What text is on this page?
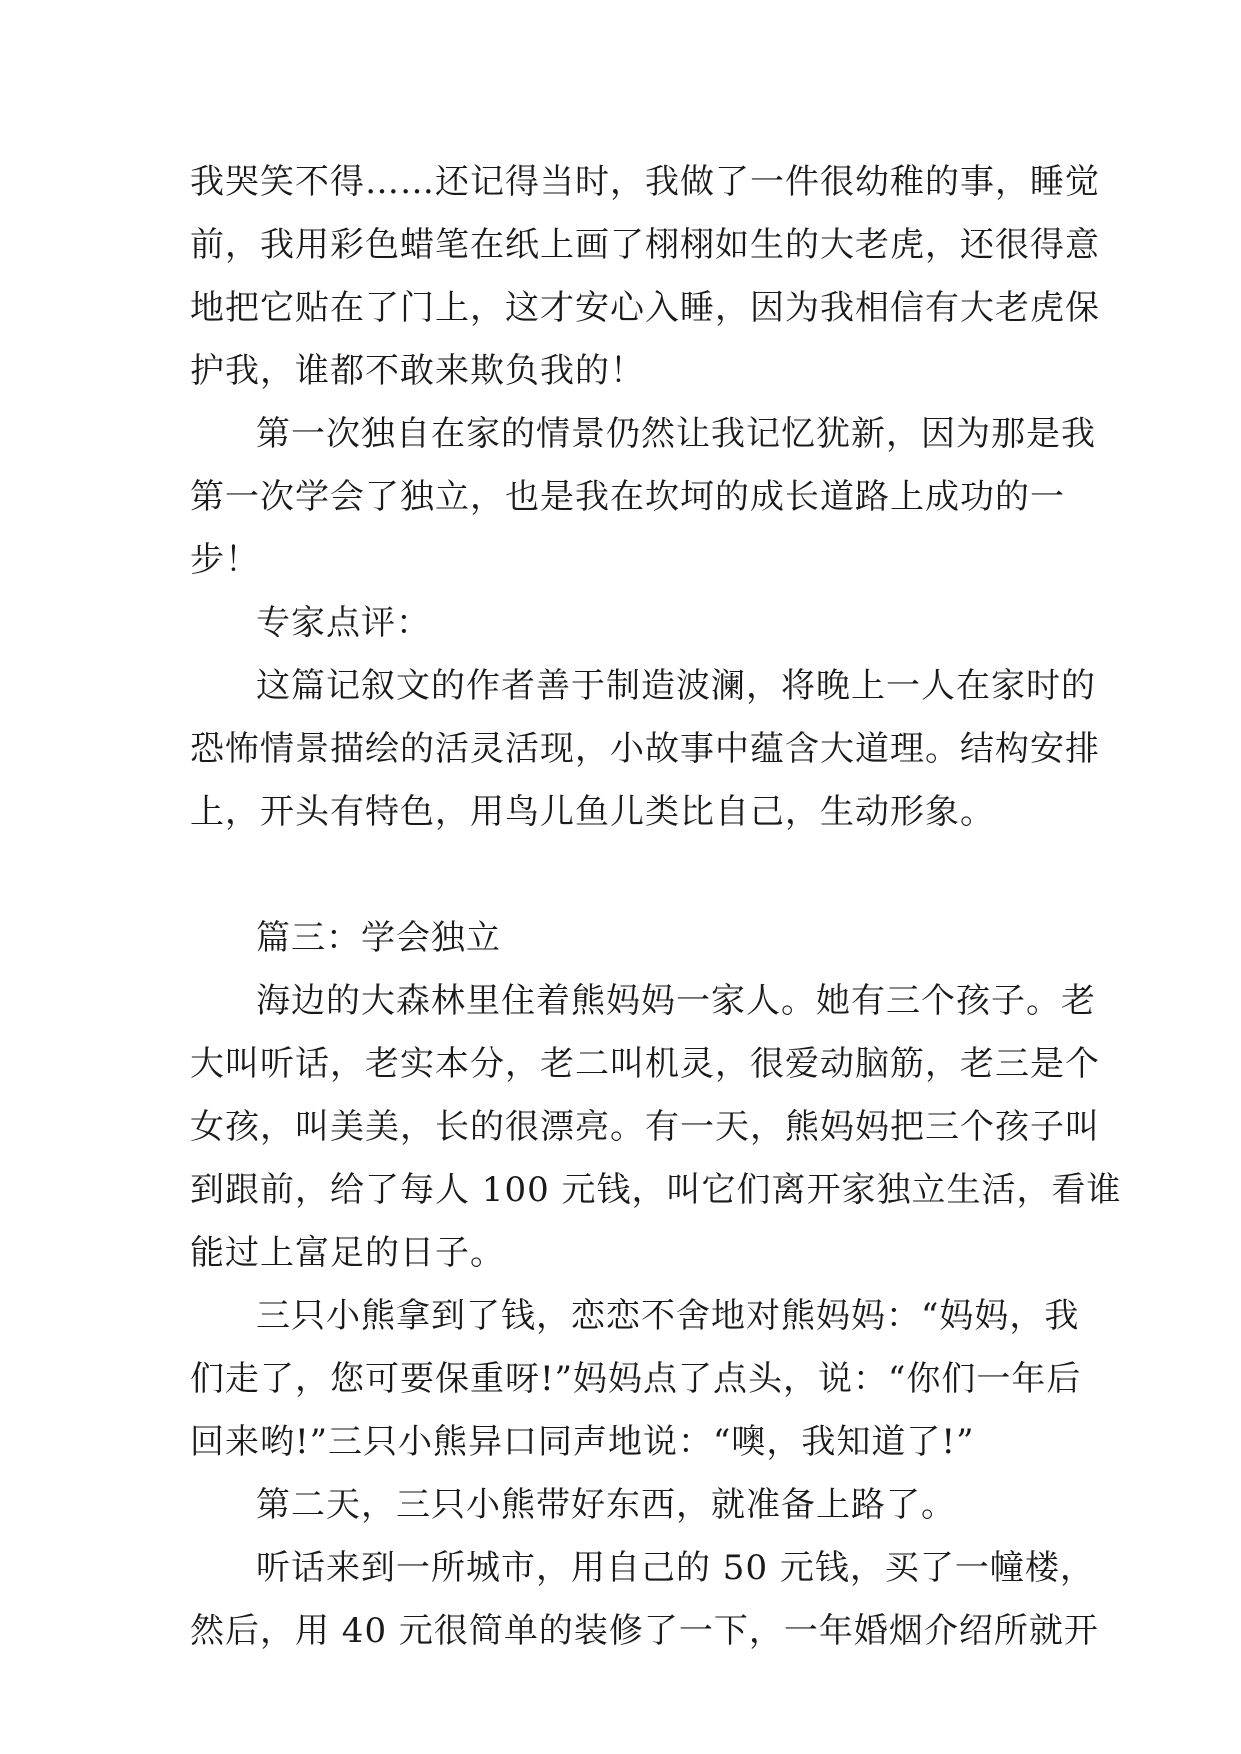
我哭笑不得……还记得当时，我做了一件很幼稚的事，睡觉
前，我用彩色蜡笔在纸上画了栩栩如生的大老虎，还很得意
地把它贴在了门上，这才安心入睡，因为我相信有大老虎保
护我，谁都不敢来欺负我的！
第一次独自在家的情景仍然让我记忆犹新，因为那是我
第一次学会了独立，也是我在坎坷的成长道路上成功的一
步！
专家点评：
这篇记叙文的作者善于制造波澜，将晚上一人在家时的
恐怖情景描绘的活灵活现，小故事中蕴含大道理。结构安排
上，开头有特色，用鸟儿鱼儿类比自己，生动形象。
篇三：学会独立
海边的大森林里住着熊妈妈一家人。她有三个孩子。老
大叫听话，老实本分，老二叫机灵，很爱动脑筋，老三是个
女孩，叫美美，长的很漂亮。有一天，熊妈妈把三个孩子叫
到跟前，给了每人 100 元钱，叫它们离开家独立生活，看谁
能过上富足的日子。
三只小熊拿到了钱，恋恋不舍地对熊妈妈：“妈妈，我
们走了，您可要保重呀!”妈妈点了点头，说：“你们一年后
回来哟!”三只小熊异口同声地说：“噢，我知道了!”
第二天，三只小熊带好东西，就准备上路了。
听话来到一所城市，用自己的 50 元钱，买了一幢楼，
然后，用 40 元很简单的装修了一下，一年婚烟介绍所就开
